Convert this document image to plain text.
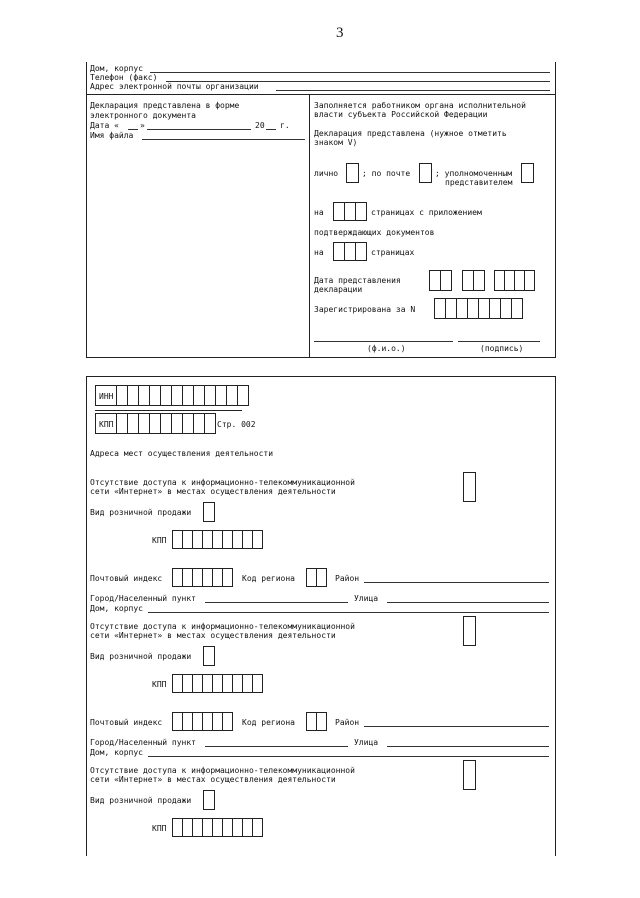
3
Дом, корпус
Телефон (факс)
Адрес электронной почты организации
Декларация представлена в форме
электронного документа
Дата «	»	20 г.
Имя файла
Заполняется работником органа исполнительной
власти субъекта Российской Федерации
Декларация представлена (нужное отметить
знаком V)
лично	; по почте	; уполномоченным
представителем
на	страницах с приложением
подтверждающих документов
на	страницах
Дата представления
декларации
Зарегистрирована за N
(ф.и.о.)	(подпись)
ИНН
КПП	Стр. 002
Адреса мест осуществления деятельности
Отсутствие доступа к информационно-телекоммуникационной
сети «Интернет» в местах осуществления деятельности
Вид розничной продажи
КПП
Почтовый индекс	Код региона	Район
Город/Населенный пункт	Улица
Дом, корпус
Отсутствие доступа к информационно-телекоммуникационной
сети «Интернет» в местах осуществления деятельности
Вид розничной продажи
КПП
Почтовый индекс	Код региона	Район
Город/Населенный пункт	Улица
Дом, корпус
Отсутствие доступа к информационно-телекоммуникационной
сети «Интернет» в местах осуществления деятельности
Вид розничной продажи
КПП
